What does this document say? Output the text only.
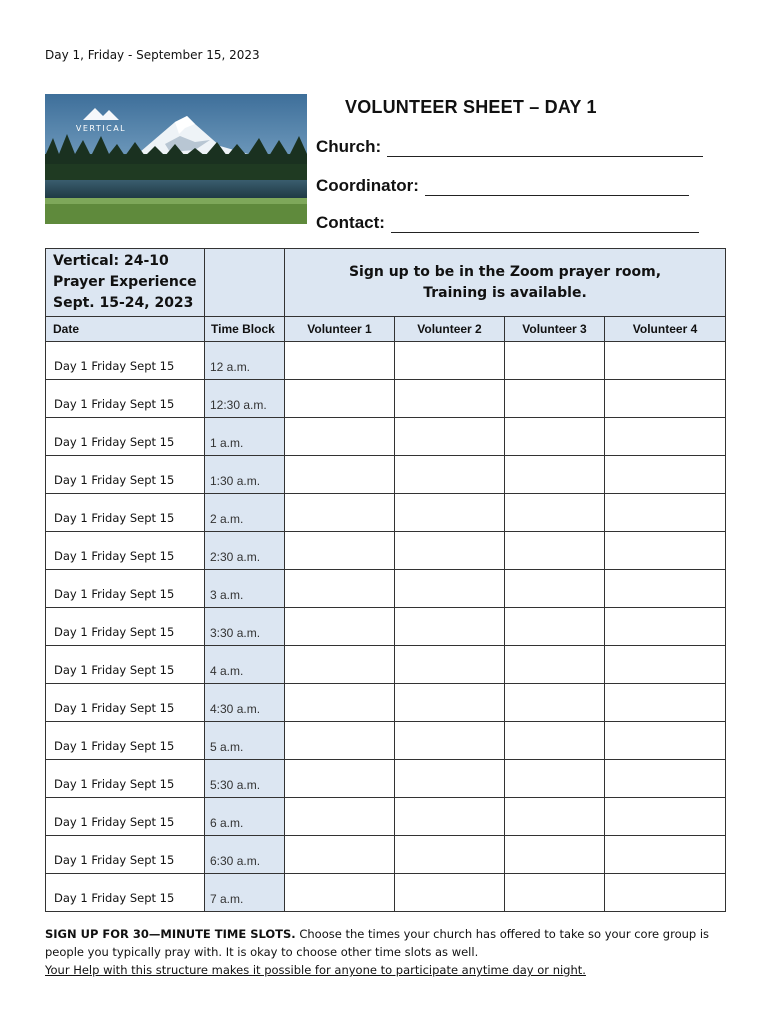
Day 1, Friday - September 15, 2023
VERTICAL
VOLUNTEER SHEET – DAY 1
Church:
Coordinator:
Contact:
Vertical: 24-10
Prayer Experience
Sept. 15-24, 2023		Sign up to be in the Zoom prayer room,
Training is available.			

Date	Time Block	Volunteer 1	Volunteer 2	Volunteer 3	Volunteer 4
Day 1 Friday Sept 15	12 a.m.				
Day 1 Friday Sept 15	12:30 a.m.				
Day 1 Friday Sept 15	1 a.m.				
Day 1 Friday Sept 15	1:30 a.m.				
Day 1 Friday Sept 15	2 a.m.				
Day 1 Friday Sept 15	2:30 a.m.				
Day 1 Friday Sept 15	3 a.m.				
Day 1 Friday Sept 15	3:30 a.m.				
Day 1 Friday Sept 15	4 a.m.				
Day 1 Friday Sept 15	4:30 a.m.				
Day 1 Friday Sept 15	5 a.m.				
Day 1 Friday Sept 15	5:30 a.m.				
Day 1 Friday Sept 15	6 a.m.				
Day 1 Friday Sept 15	6:30 a.m.				
Day 1 Friday Sept 15	7 a.m.				
SIGN UP FOR 30—MINUTE TIME SLOTS. Choose the times your church has offered to take so your core group is people you typically pray with. It is okay to choose other time slots as well.
Your Help with this structure makes it possible for anyone to participate anytime day or night.
